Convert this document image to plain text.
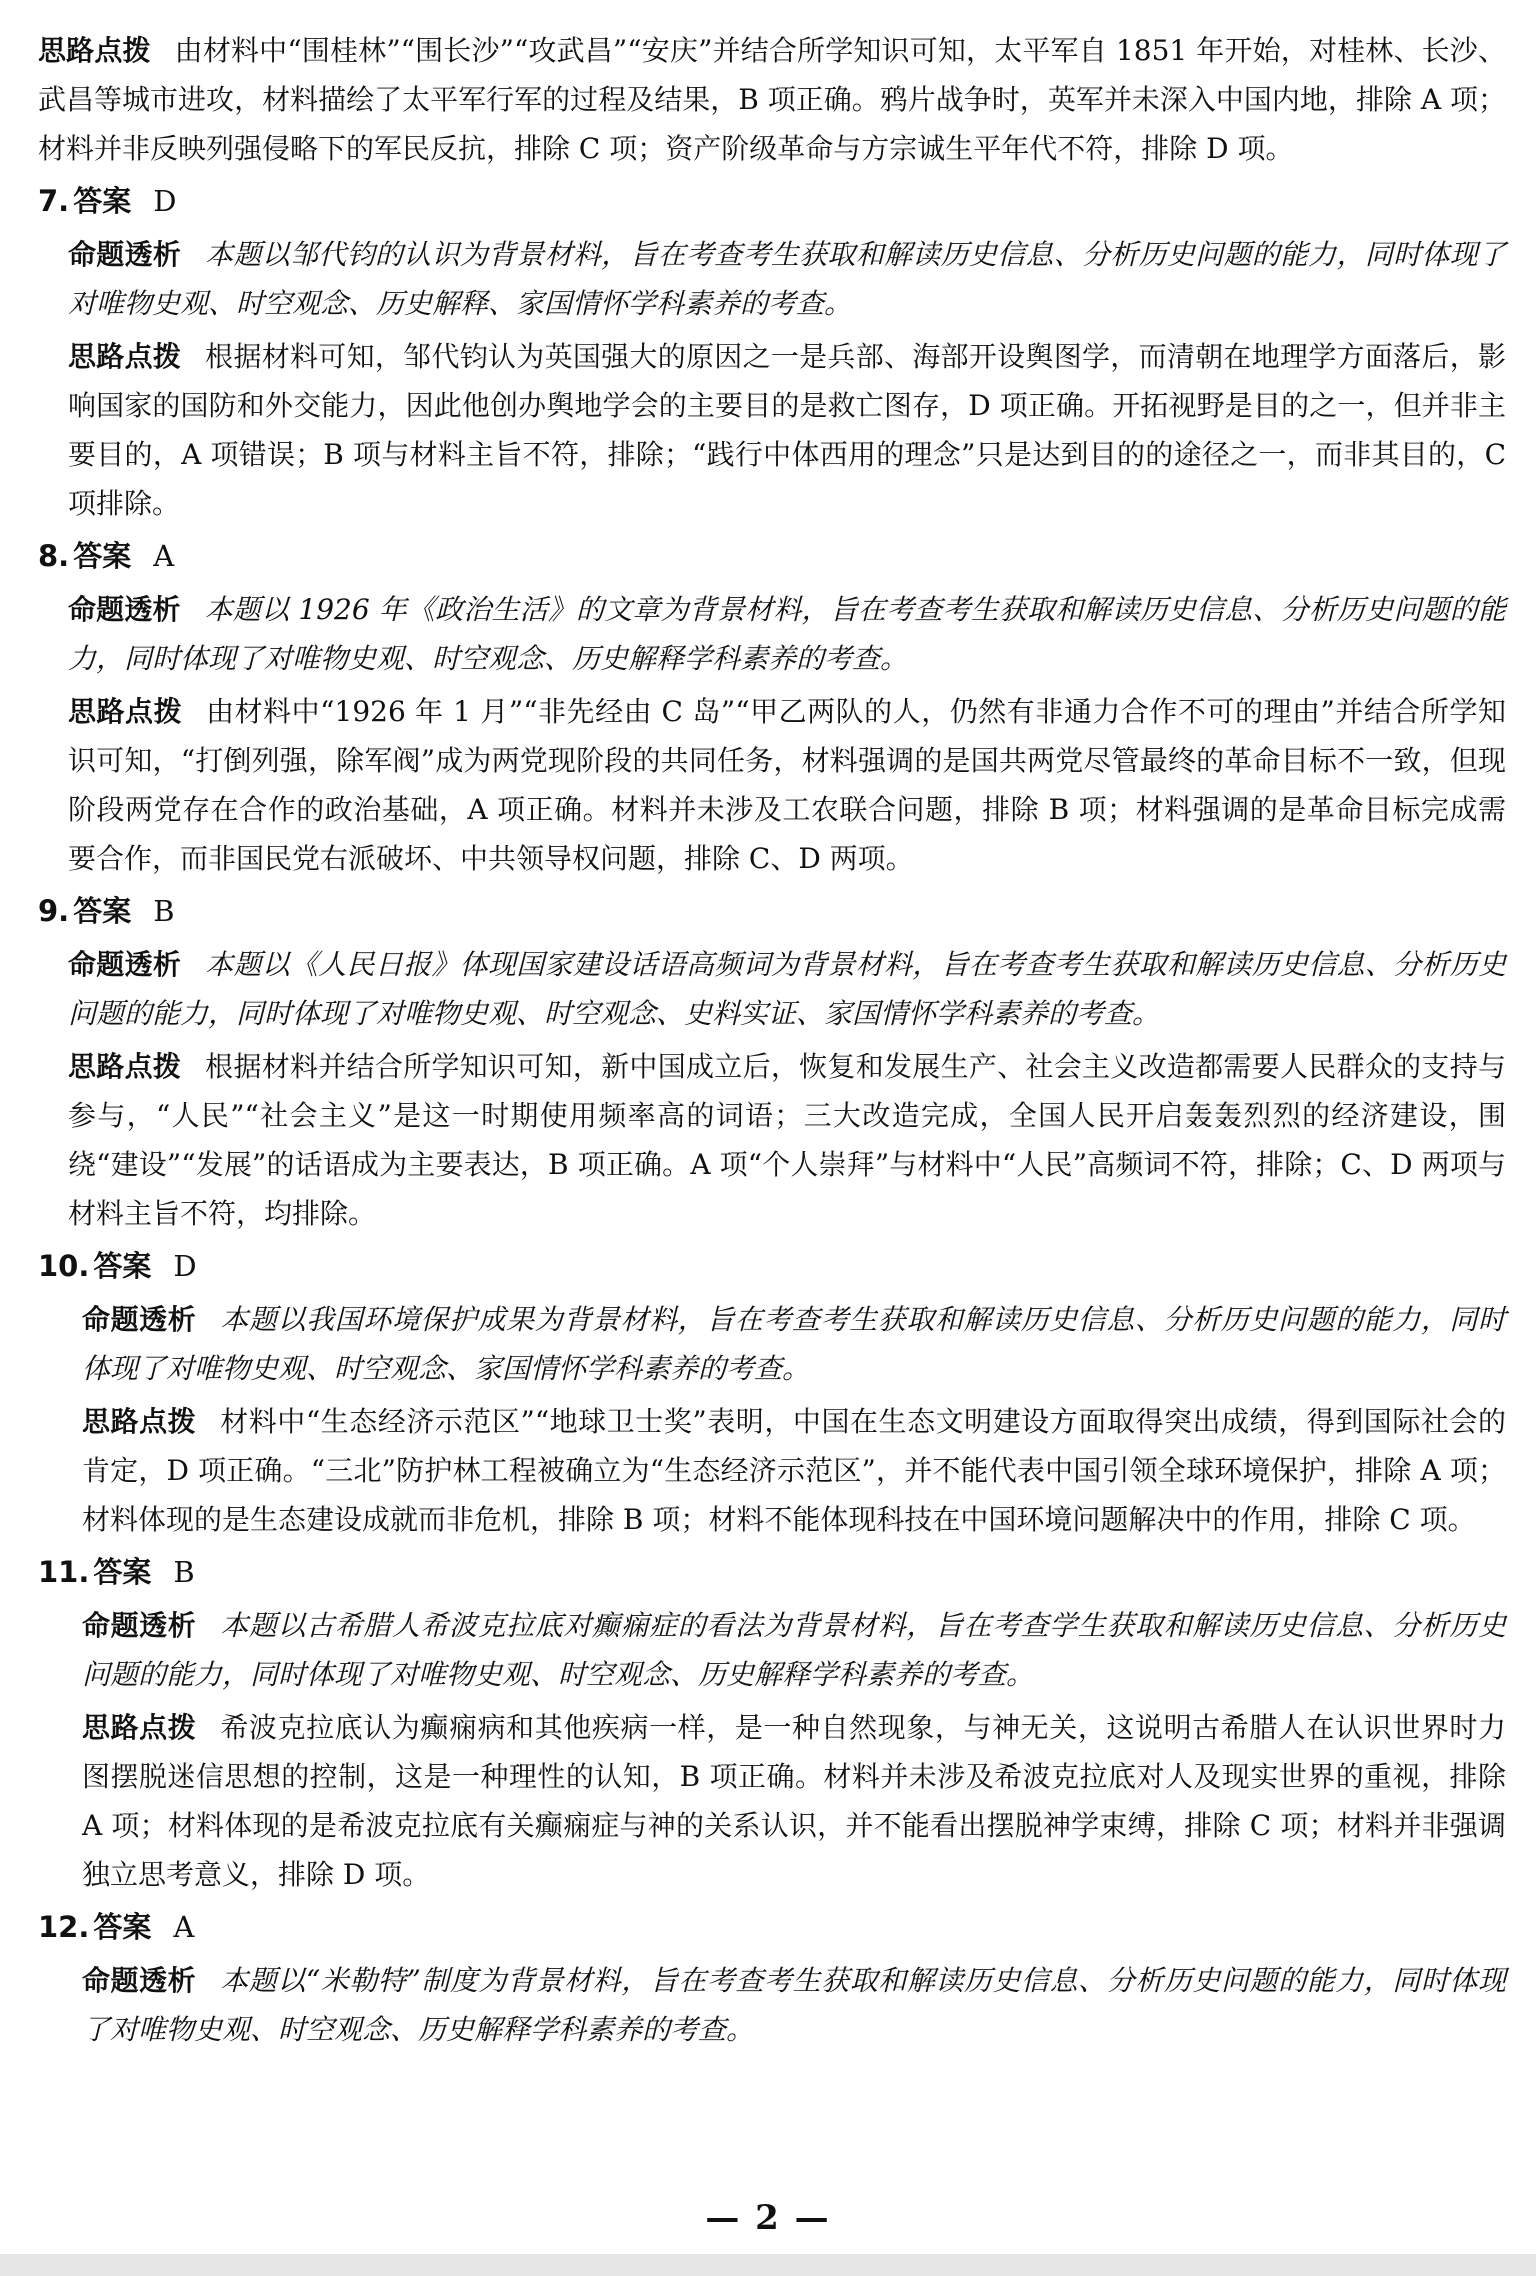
思路点拨 由材料中“围桂林”“围长沙”“攻武昌”“安庆”并结合所学知识可知，太平军自 1851 年开始，对桂林、长沙、武昌等城市进攻，材料描绘了太平军行军的过程及结果，B 项正确。鸦片战争时，英军并未深入中国内地，排除 A 项；材料并非反映列强侵略下的军民反抗，排除 C 项；资产阶级革命与方宗诚生平年代不符，排除 D 项。

7. 答案 D

命题透析 本题以邹代钧的认识为背景材料，旨在考查考生获取和解读历史信息、分析历史问题的能力，同时体现了对唯物史观、时空观念、历史解释、家国情怀学科素养的考查。

思路点拨 根据材料可知，邹代钧认为英国强大的原因之一是兵部、海部开设舆图学，而清朝在地理学方面落后，影响国家的国防和外交能力，因此他创办舆地学会的主要目的是救亡图存，D 项正确。开拓视野是目的之一，但并非主要目的，A 项错误；B 项与材料主旨不符，排除；“践行中体西用的理念”只是达到目的的途径之一，而非其目的，C 项排除。

8. 答案 A

命题透析 本题以 1926 年《政治生活》的文章为背景材料，旨在考查考生获取和解读历史信息、分析历史问题的能力，同时体现了对唯物史观、时空观念、历史解释学科素养的考查。

思路点拨 由材料中“1926 年 1 月”“非先经由 C 岛”“甲乙两队的人，仍然有非通力合作不可的理由”并结合所学知识可知，“打倒列强，除军阀”成为两党现阶段的共同任务，材料强调的是国共两党尽管最终的革命目标不一致，但现阶段两党存在合作的政治基础，A 项正确。材料并未涉及工农联合问题，排除 B 项；材料强调的是革命目标完成需要合作，而非国民党右派破坏、中共领导权问题，排除 C、D 两项。

9. 答案 B

命题透析 本题以《人民日报》体现国家建设话语高频词为背景材料，旨在考查考生获取和解读历史信息、分析历史问题的能力，同时体现了对唯物史观、时空观念、史料实证、家国情怀学科素养的考查。

思路点拨 根据材料并结合所学知识可知，新中国成立后，恢复和发展生产、社会主义改造都需要人民群众的支持与参与，“人民”“社会主义”是这一时期使用频率高的词语；三大改造完成，全国人民开启轰轰烈烈的经济建设，围绕“建设”“发展”的话语成为主要表达，B 项正确。A 项“个人崇拜”与材料中“人民”高频词不符，排除；C、D 两项与材料主旨不符，均排除。

10. 答案 D

命题透析 本题以我国环境保护成果为背景材料，旨在考查考生获取和解读历史信息、分析历史问题的能力，同时体现了对唯物史观、时空观念、家国情怀学科素养的考查。

思路点拨 材料中“生态经济示范区”“地球卫士奖”表明，中国在生态文明建设方面取得突出成绩，得到国际社会的肯定，D 项正确。“三北”防护林工程被确立为“生态经济示范区”，并不能代表中国引领全球环境保护，排除 A 项；材料体现的是生态建设成就而非危机，排除 B 项；材料不能体现科技在中国环境问题解决中的作用，排除 C 项。

11. 答案 B

命题透析 本题以古希腊人希波克拉底对癫痫症的看法为背景材料，旨在考查学生获取和解读历史信息、分析历史问题的能力，同时体现了对唯物史观、时空观念、历史解释学科素养的考查。

思路点拨 希波克拉底认为癫痫病和其他疾病一样，是一种自然现象，与神无关，这说明古希腊人在认识世界时力图摆脱迷信思想的控制，这是一种理性的认知，B 项正确。材料并未涉及希波克拉底对人及现实世界的重视，排除 A 项；材料体现的是希波克拉底有关癫痫症与神的关系认识，并不能看出摆脱神学束缚，排除 C 项；材料并非强调独立思考意义，排除 D 项。

12. 答案 A

命题透析 本题以“米勒特”制度为背景材料，旨在考查考生获取和解读历史信息、分析历史问题的能力，同时体现了对唯物史观、时空观念、历史解释学科素养的考查。

— 2 —
